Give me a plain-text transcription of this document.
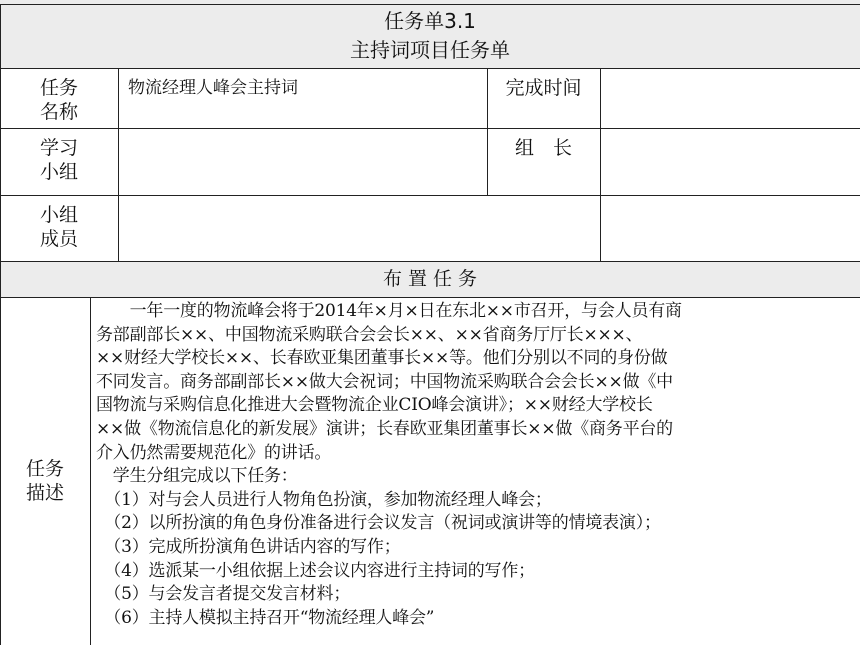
任务单3.1
主持词项目任务单
任务
名称
物流经理人峰会主持词	完成时间
学习
小组
组　长
小组
成员
布 置 任 务
任务
描述
　　一年一度的物流峰会将于2014年×月×日在东北××市召开，与会人员有商
务部副部长××、中国物流采购联合会会长××、××省商务厅厅长×××、
××财经大学校长××、长春欧亚集团董事长××等。他们分别以不同的身份做
不同发言。商务部副部长××做大会祝词；中国物流采购联合会会长××做《中
国物流与采购信息化推进大会暨物流企业CIO峰会演讲》；××财经大学校长
××做《物流信息化的新发展》演讲；长春欧亚集团董事长××做《商务平台的
介入仍然需要规范化》的讲话。
　学生分组完成以下任务：
　（1）对与会人员进行人物角色扮演，参加物流经理人峰会；
　（2）以所扮演的角色身份准备进行会议发言（祝词或演讲等的情境表演）；
　（3）完成所扮演角色讲话内容的写作；
　（4）选派某一小组依据上述会议内容进行主持词的写作；
　（5）与会发言者提交发言材料；
　（6）主持人模拟主持召开“物流经理人峰会”
